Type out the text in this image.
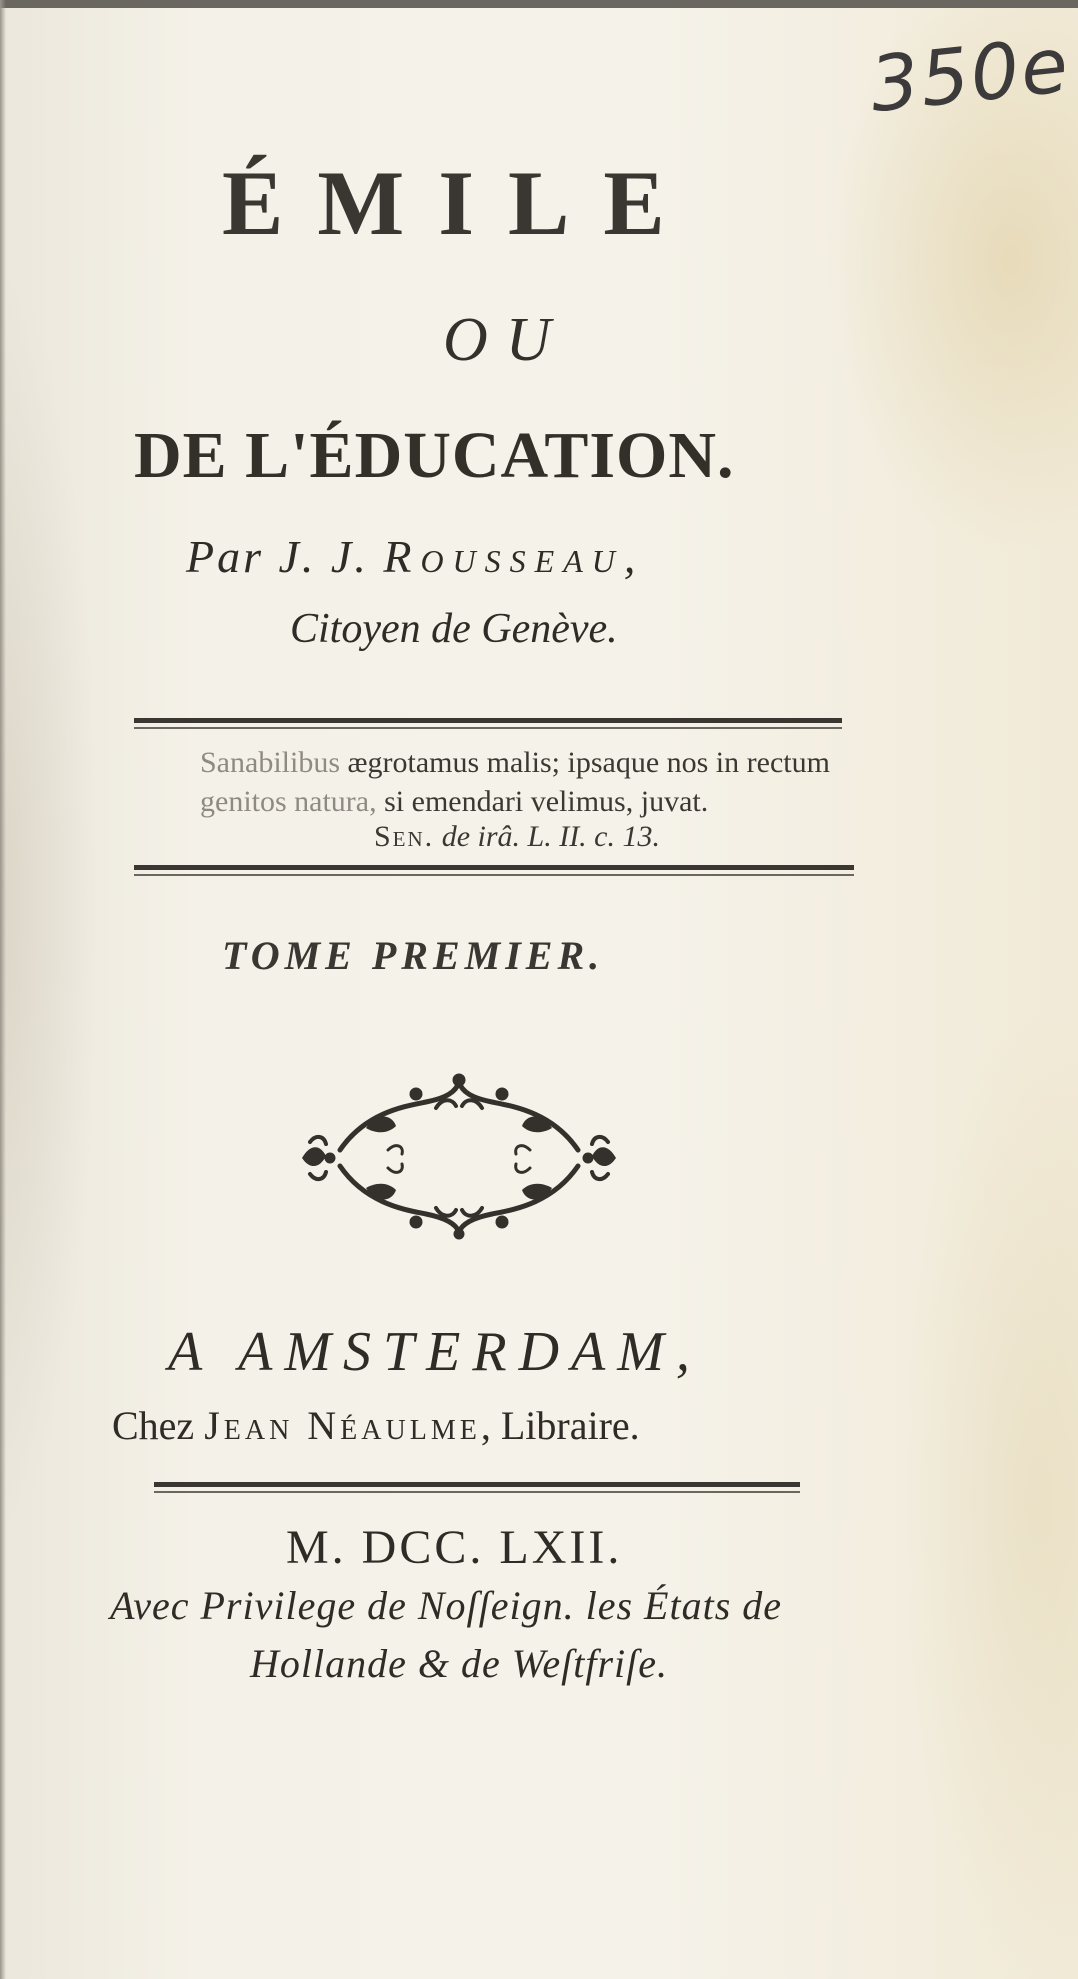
350e
ÉMILE
OU
DE L'ÉDUCATION.
Par J. J. Rousseau,
Citoyen de Genève.
Sanabilibus ægrotamus malis; ipsaque nos in rectum
genitos natura, si emendari velimus, juvat.
Sen. de irâ. L. II. c. 13.
TOME PREMIER.
A AMSTERDAM,
Chez Jean Néaulme, Libraire.
M. DCC. LXII.
Avec Privilege de Noſſeign. les États de
Hollande & de Weſtfriſe.
